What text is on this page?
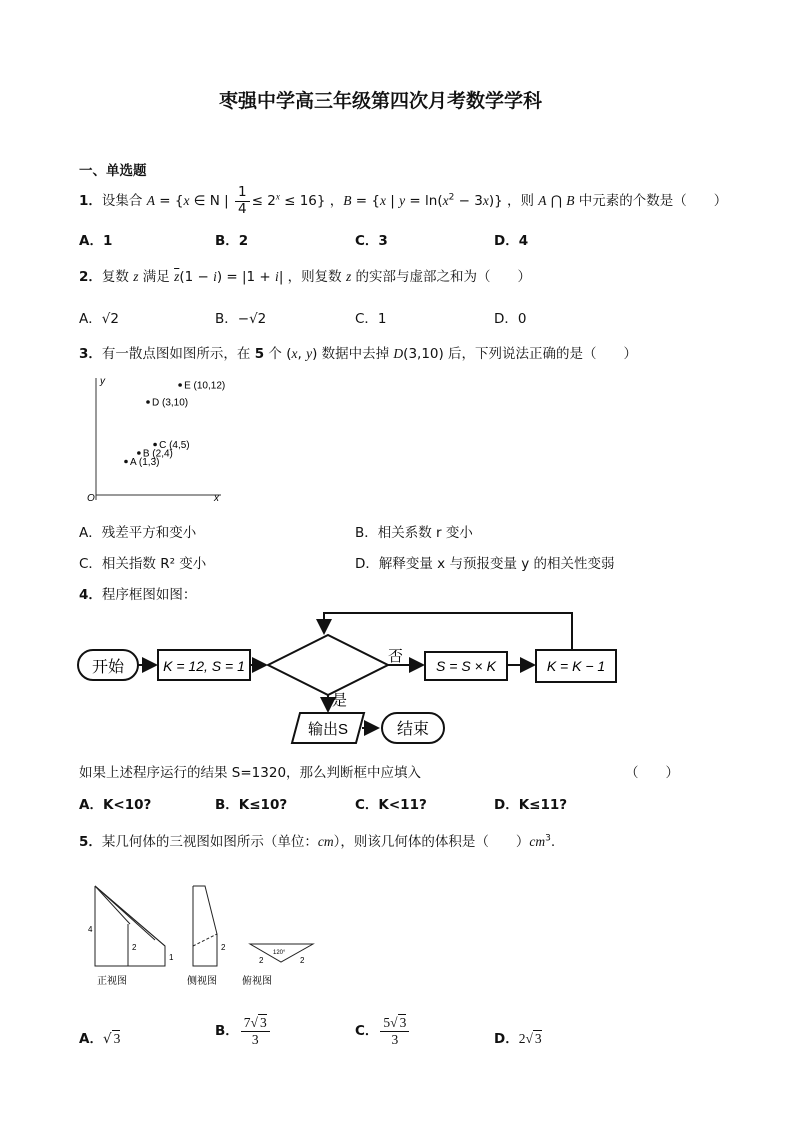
枣强中学高三年级第四次月考数学学科
一、单选题
1．设集合 A = {x ∈ N | $\frac{1}{4} \le 2^x \le 16$} ，B = {x | $y = \ln(x^2 - 3x)$} ，则 A ⋂ B 中元素的个数是（　　）
A．1	B．2	C．3	D．4
2．复数 z 满足 $\overline{z}(1 - i) = |1 + i|$ ，则复数 z 的实部与虚部之和为（　　）
A．√2	B．−√2	C．1	D．0
3．有一散点图如图所示，在 5 个 (x, y) 数据中去掉 D(3,10) 后，下列说法正确的是（　　）
y
x
O
E (10,12)
D (3,10)
C (4,5)
B (2,4)
A (1,3)
A．残差平方和变小	B．相关系数 r 变小
C．相关指数 R² 变小	D．解释变量 x 与预报变量 y 的相关性变弱
4．程序框图如图：
开始	K = 12, S = 1
否
S = S × K	K = K − 1
是
输出S	结束
如果上述程序运行的结果 S=1320，那么判断框中应填入	（　　）
A．K<10?	B．K≤10?	C．K<11?	D．K≤11?
5．某几何体的三视图如图所示（单位：cm），则该几何体的体积是（　　）$cm^3$.
4
2
1
正视图
2
侧视图
2	2
120°
俯视图
A．√ 3	B． $\frac{7√ 3}{3}$	C． $\frac{5√ 3}{3}$	D．2√ 3
